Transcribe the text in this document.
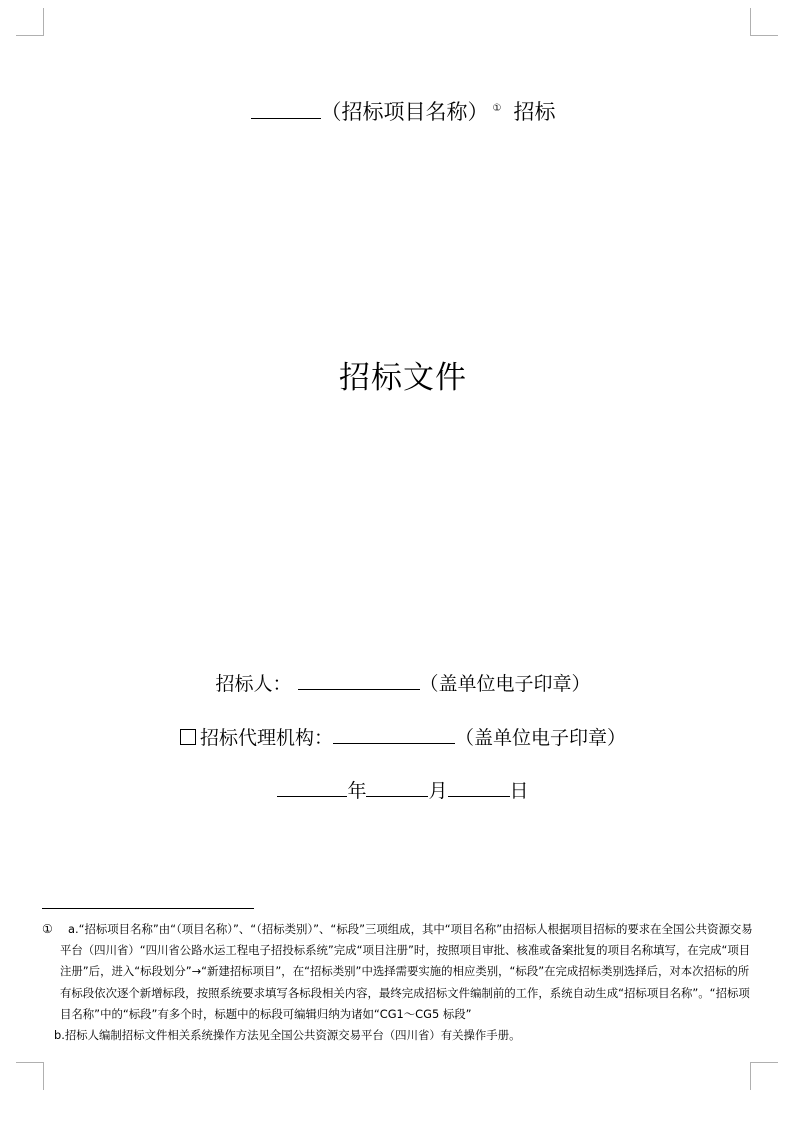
（招标项目名称） ① 招标
招标文件
招标人：	（盖单位电子印章）
招标代理机构：	（盖单位电子印章）
年	月	日
①	a.“招标项目名称”由“（项目名称）”、“（招标类别）”、“标段”三项组成，其中“项目名称”由招标人根据项目招标的要求在全国公共资源交易平台（四川省）“四川省公路水运工程电子招投标系统”完成“项目注册”时，按照项目审批、核准或备案批复的项目名称填写，在完成“项目注册”后，进入“标段划分”→“新建招标项目”，在“招标类别”中选择需要实施的相应类别，“标段”在完成招标类别选择后，对本次招标的所有标段依次逐个新增标段，按照系统要求填写各标段相关内容，最终完成招标文件编制前的工作，系统自动生成“招标项目名称”。“招标项目名称”中的“标段”有多个时，标题中的标段可编辑归纳为诸如“CG1～CG5 标段”
b.招标人编制招标文件相关系统操作方法见全国公共资源交易平台（四川省）有关操作手册。
